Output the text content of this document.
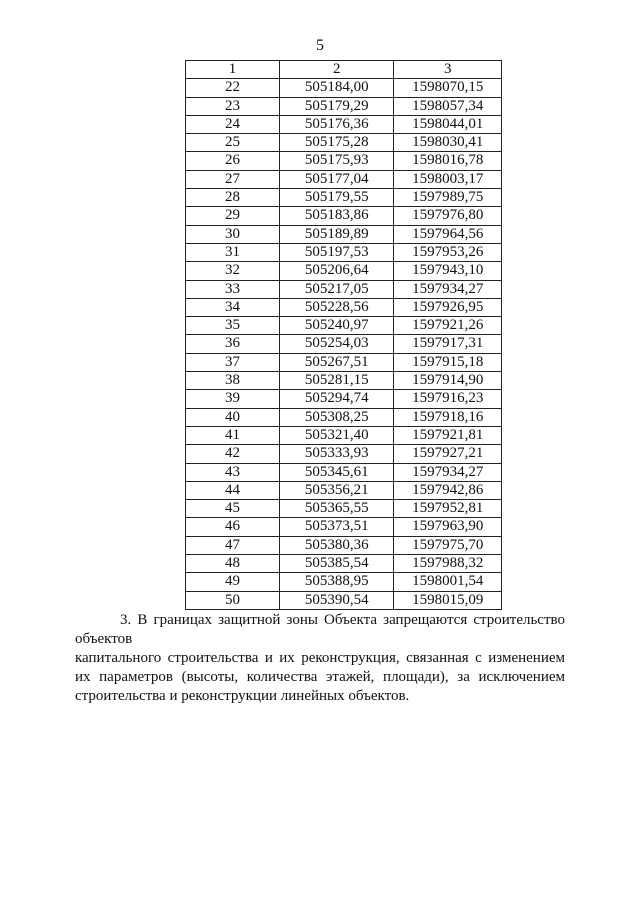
5
1	2	3
22	505184,00	1598070,15
23	505179,29	1598057,34
24	505176,36	1598044,01
25	505175,28	1598030,41
26	505175,93	1598016,78
27	505177,04	1598003,17
28	505179,55	1597989,75
29	505183,86	1597976,80
30	505189,89	1597964,56
31	505197,53	1597953,26
32	505206,64	1597943,10
33	505217,05	1597934,27
34	505228,56	1597926,95
35	505240,97	1597921,26
36	505254,03	1597917,31
37	505267,51	1597915,18
38	505281,15	1597914,90
39	505294,74	1597916,23
40	505308,25	1597918,16
41	505321,40	1597921,81
42	505333,93	1597927,21
43	505345,61	1597934,27
44	505356,21	1597942,86
45	505365,55	1597952,81
46	505373,51	1597963,90
47	505380,36	1597975,70
48	505385,54	1597988,32
49	505388,95	1598001,54
50	505390,54	1598015,09
3. В границах защитной зоны Объекта запрещаются строительство объектов
капитального строительства и их реконструкция, связанная с изменением
их параметров (высоты, количества этажей, площади), за исключением
строительства и реконструкции линейных объектов.
